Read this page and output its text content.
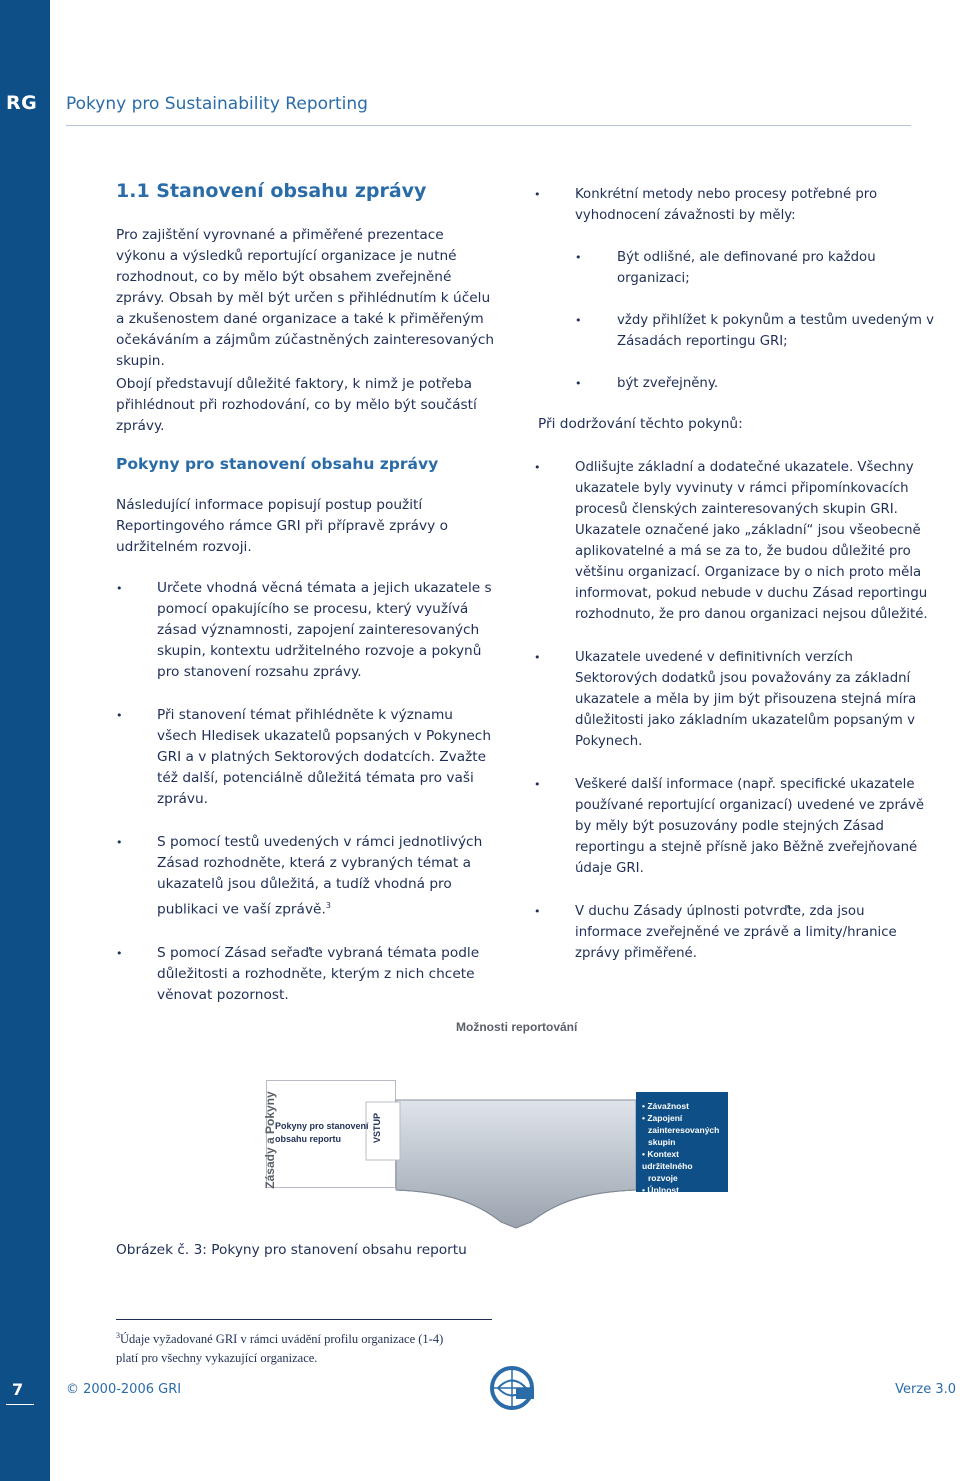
RG
7
Pokyny pro Sustainability Reporting
1.1 Stanovení obsahu zprávy

Pro zajištění vyrovnané a přiměřené prezentace výkonu a výsledků reportující organizace je nutné rozhodnout, co by mělo být obsahem zveřejněné zprávy. Obsah by měl být určen s přihlédnutím k účelu a zkušenostem dané organizace a také k přiměřeným očekáváním a zájmům zúčastněných zainteresovaných skupin.

Obojí představují důležité faktory, k nimž je potřeba přihlédnout při rozhodování, co by mělo být součástí zprávy.

Pokyny pro stanovení obsahu zprávy

Následující informace popisují postup použití Reportingového rámce GRI při přípravě zprávy o udržitelném rozvoji.

•	Určete vhodná věcná témata a jejich ukazatele s pomocí opakujícího se procesu, který využívá zásad významnosti, zapojení zainteresovaných skupin, kontextu udržitelného rozvoje a pokynů pro stanovení rozsahu zprávy.
•	Při stanovení témat přihlédněte k významu všech Hledisek ukazatelů popsaných v Pokynech GRI a v platných Sektorových dodatcích. Zvažte též další, potenciálně důležitá témata pro vaši zprávu.
•	S pomocí testů uvedených v rámci jednotlivých Zásad rozhodněte, která z vybraných témat a ukazatelů jsou důležitá, a tudíž vhodná pro publikaci ve vaší zprávě.$^3$
•	S pomocí Zásad seřaďte vybraná témata podle důležitosti a rozhodněte, kterým z nich chcete věnovat pozornost.
•	Konkrétní metody nebo procesy potřebné pro vyhodnocení závažnosti by měly:
•	Být odlišné, ale definované pro každou organizaci;
•	vždy přihlížet k pokynům a testům uvedeným v Zásadách reportingu GRI;
•	být zveřejněny.
Při dodržování těchto pokynů:
•	Odlišujte základní a dodatečné ukazatele. Všechny ukazatele byly vyvinuty v rámci připomínkovacích procesů členských zainteresovaných skupin GRI. Ukazatele označené jako „základní“ jsou všeobecně aplikovatelné a má se za to, že budou důležité pro většinu organizací. Organizace by o nich proto měla informovat, pokud nebude v duchu Zásad reportingu rozhodnuto, že pro danou organizaci nejsou důležité.
•	Ukazatele uvedené v definitivních verzích Sektorových dodatků jsou považovány za základní ukazatele a měla by jim být přisouzena stejná míra důležitosti jako základním ukazatelům popsaným v Pokynech.
•	Veškeré další informace (např. specifické ukazatele používané reportující organizací) uvedené ve zprávě by měly být posuzovány podle stejných Zásad reportingu a stejně přísně jako Běžně zveřejňované údaje GRI.
•	V duchu Zásady úplnosti potvrďte, zda jsou informace zveřejněné ve zprávě a limity/hranice zprávy přiměřené.
Možnosti reportování
Zásady a Pokyny
Pokyny pro stanovení
obsahu reportu	VSTUP
• Závažnost
• Zapojení
zainteresovaných
skupin
• Kontext udržitelného
rozvoje
• Úplnost
Obrázek č. 3: Pokyny pro stanovení obsahu reportu
$^3$Údaje vyžadované GRI v rámci uvádění profilu organizace (1-4)
platí pro všechny vykazující organizace.
© 2000-2006 GRI	Verze 3.0
